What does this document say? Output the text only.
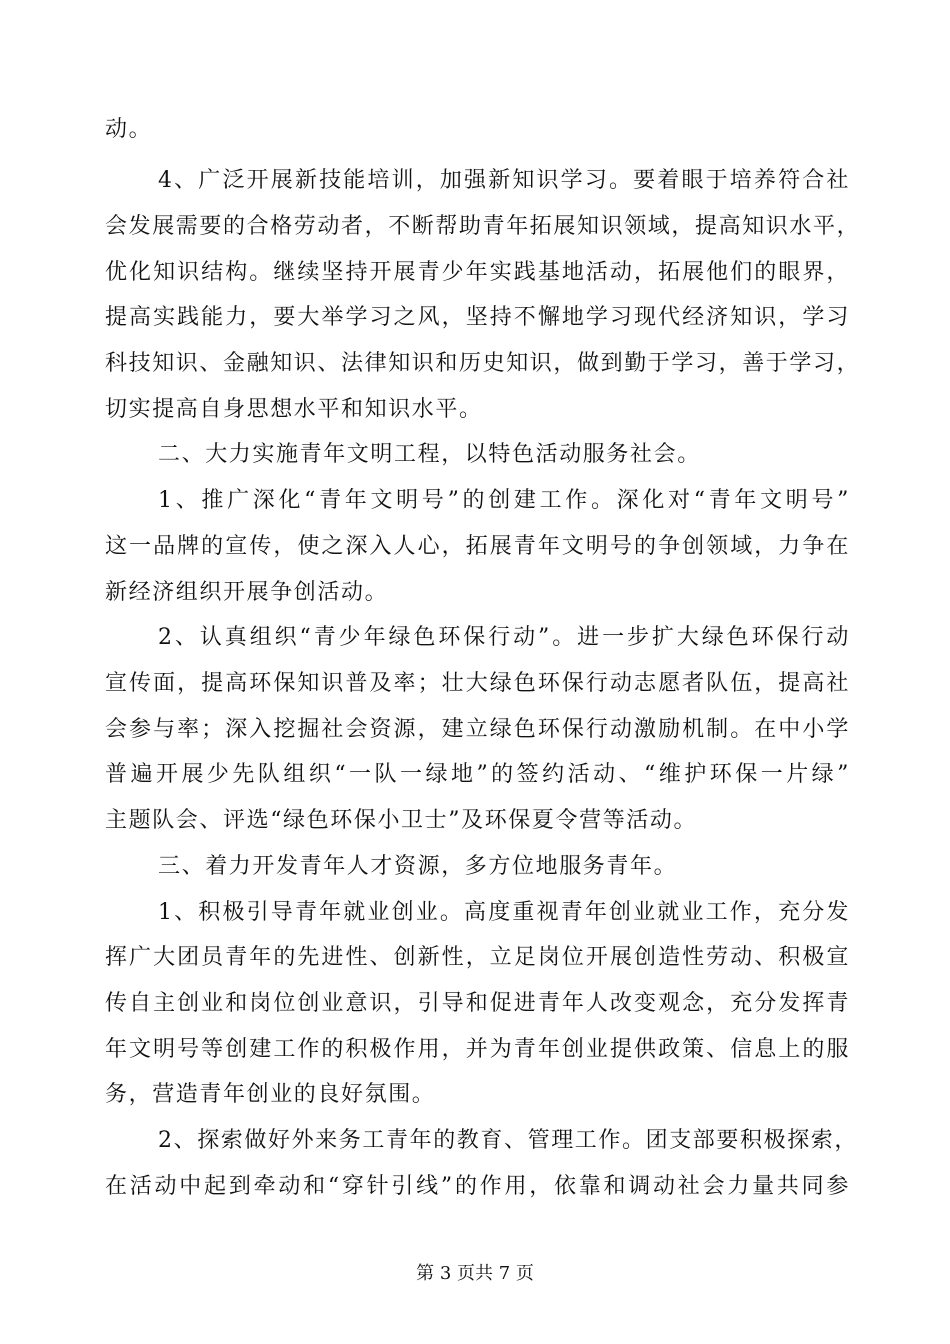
动。
4、广泛开展新技能培训，加强新知识学习。要着眼于培养符合社
会发展需要的合格劳动者，不断帮助青年拓展知识领域，提高知识水平，
优化知识结构。继续坚持开展青少年实践基地活动，拓展他们的眼界，
提高实践能力，要大举学习之风，坚持不懈地学习现代经济知识，学习
科技知识、金融知识、法律知识和历史知识，做到勤于学习，善于学习，
切实提高自身思想水平和知识水平。
二、大力实施青年文明工程，以特色活动服务社会。
1、推广深化“青年文明号”的创建工作。深化对“青年文明号”
这一品牌的宣传，使之深入人心，拓展青年文明号的争创领域，力争在
新经济组织开展争创活动。
2、认真组织“青少年绿色环保行动”。进一步扩大绿色环保行动
宣传面，提高环保知识普及率；壮大绿色环保行动志愿者队伍，提高社
会参与率；深入挖掘社会资源，建立绿色环保行动激励机制。在中小学
普遍开展少先队组织“一队一绿地”的签约活动、“维护环保一片绿”
主题队会、评选“绿色环保小卫士”及环保夏令营等活动。
三、着力开发青年人才资源，多方位地服务青年。
1、积极引导青年就业创业。高度重视青年创业就业工作，充分发
挥广大团员青年的先进性、创新性，立足岗位开展创造性劳动、积极宣
传自主创业和岗位创业意识，引导和促进青年人改变观念，充分发挥青
年文明号等创建工作的积极作用，并为青年创业提供政策、信息上的服
务，营造青年创业的良好氛围。
2、探索做好外来务工青年的教育、管理工作。团支部要积极探索，
在活动中起到牵动和“穿针引线”的作用，依靠和调动社会力量共同参
第 3 页共 7 页
